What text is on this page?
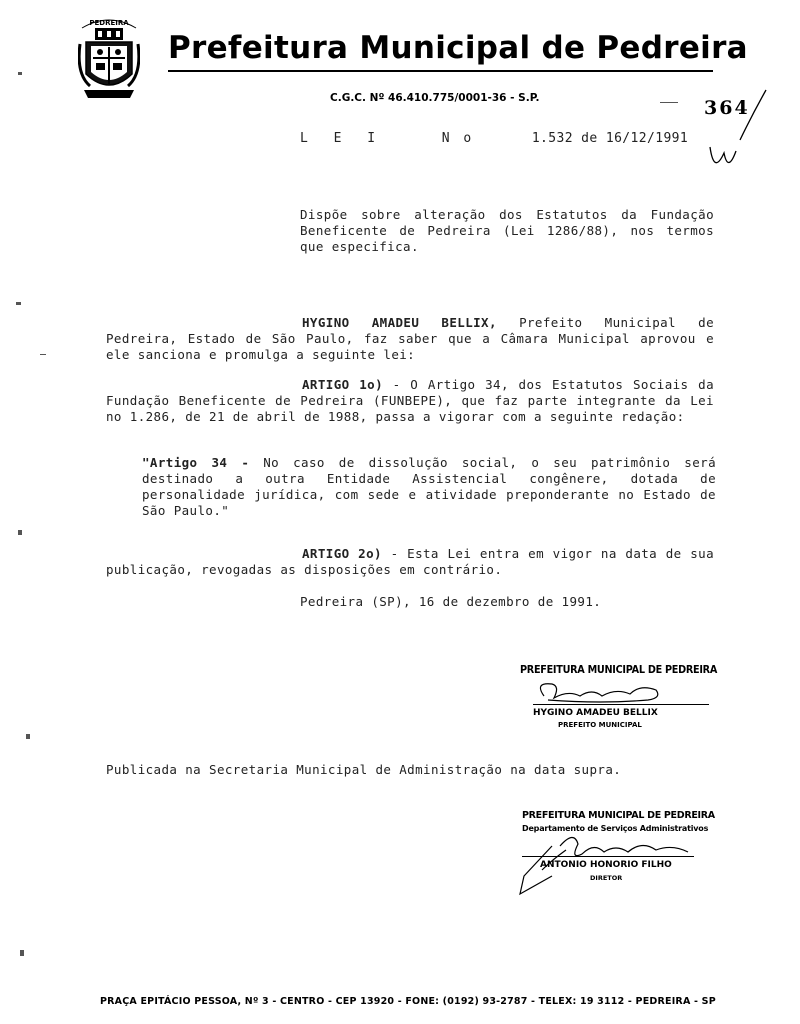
PEDREIRA
Prefeitura Municipal de Pedreira
C.G.C. Nº 46.410.775/0001-36 - S.P.	364
L E I	N o	1.532 de 16/12/1991
Dispõe sobre alteração dos Estatutos da Fundação Beneficente de Pedreira (Lei 1286/88), nos termos que especifica.
HYGINO AMADEU BELLIX, Prefeito Municipal de Pedreira, Estado de São Paulo, faz saber que a Câmara Municipal aprovou e ele sanciona e promulga a seguinte lei:
ARTIGO 1o) - O Artigo 34, dos Estatutos Sociais da Fundação Beneficente de Pedreira (FUNBEPE), que faz parte integrante da Lei no 1.286, de 21 de abril de 1988, passa a vigorar com a seguinte redação:
"Artigo 34 - No caso de dissolução social, o seu patrimônio será destinado a outra Entidade Assistencial congênere, dotada de personalidade jurídica, com sede e atividade preponderante no Estado de São Paulo."
ARTIGO 2o) - Esta Lei entra em vigor na data de sua publicação, revogadas as disposições em contrário.
Pedreira (SP), 16 de dezembro de 1991.
PREFEITURA MUNICIPAL DE PEDREIRA
HYGINO AMADEU BELLIX
PREFEITO MUNICIPAL
Publicada na Secretaria Municipal de Administração na data supra.
PREFEITURA MUNICIPAL DE PEDREIRA
Departamento de Serviços Administrativos
ANTONIO HONORIO FILHO
DIRETOR
PRAÇA EPITÁCIO PESSOA, Nº 3 - CENTRO - CEP 13920 - FONE: (0192) 93-2787 - TELEX: 19 3112 - PEDREIRA - SP
